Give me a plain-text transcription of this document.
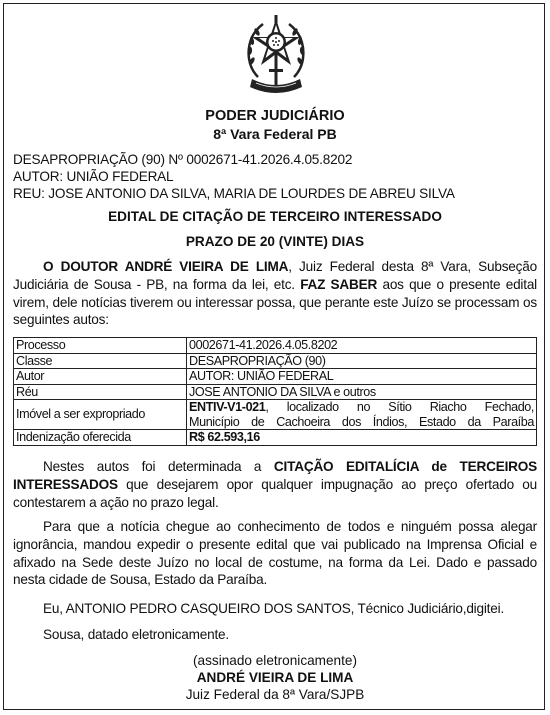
PODER JUDICIÁRIO
8ª Vara Federal PB
DESAPROPRIAÇÃO (90) Nº 0002671-41.2026.4.05.8202
AUTOR: UNIÃO FEDERAL
REU: JOSE ANTONIO DA SILVA, MARIA DE LOURDES DE ABREU SILVA
EDITAL DE CITAÇÃO DE TERCEIRO INTERESSADO
PRAZO DE 20 (VINTE) DIAS
O DOUTOR ANDRÉ VIEIRA DE LIMA, Juiz Federal desta 8ª Vara, Subseção Judiciária de Sousa - PB, na forma da lei, etc. FAZ SABER aos que o presente edital virem, dele notícias tiverem ou interessar possa, que perante este Juízo se processam os seguintes autos:
Processo	0002671-41.2026.4.05.8202
Classe	DESAPROPRIAÇÃO (90)
Autor	AUTOR: UNIÃO FEDERAL
Réu	JOSE ANTONIO DA SILVA e outros
Imóvel a ser expropriado	ENTIV-V1-021, localizado no Sítio Riacho Fechado,
Município de Cachoeira dos Índios, Estado da Paraíba

Indenização oferecida	R$ 62.593,16
Nestes autos foi determinada a CITAÇÃO EDITALÍCIA de TERCEIROS INTERESSADOS que desejarem opor qualquer impugnação ao preço ofertado ou contestarem a ação no prazo legal.
Para que a notícia chegue ao conhecimento de todos e ninguém possa alegar ignorância, mandou expedir o presente edital que vai publicado na Imprensa Oficial e afixado na Sede deste Juízo no local de costume, na forma da Lei. Dado e passado nesta cidade de Sousa, Estado da Paraíba.
Eu, ANTONIO PEDRO CASQUEIRO DOS SANTOS, Técnico Judiciário,digitei.
Sousa, datado eletronicamente.
(assinado eletronicamente)
ANDRÉ VIEIRA DE LIMA
Juiz Federal da 8ª Vara/SJPB
